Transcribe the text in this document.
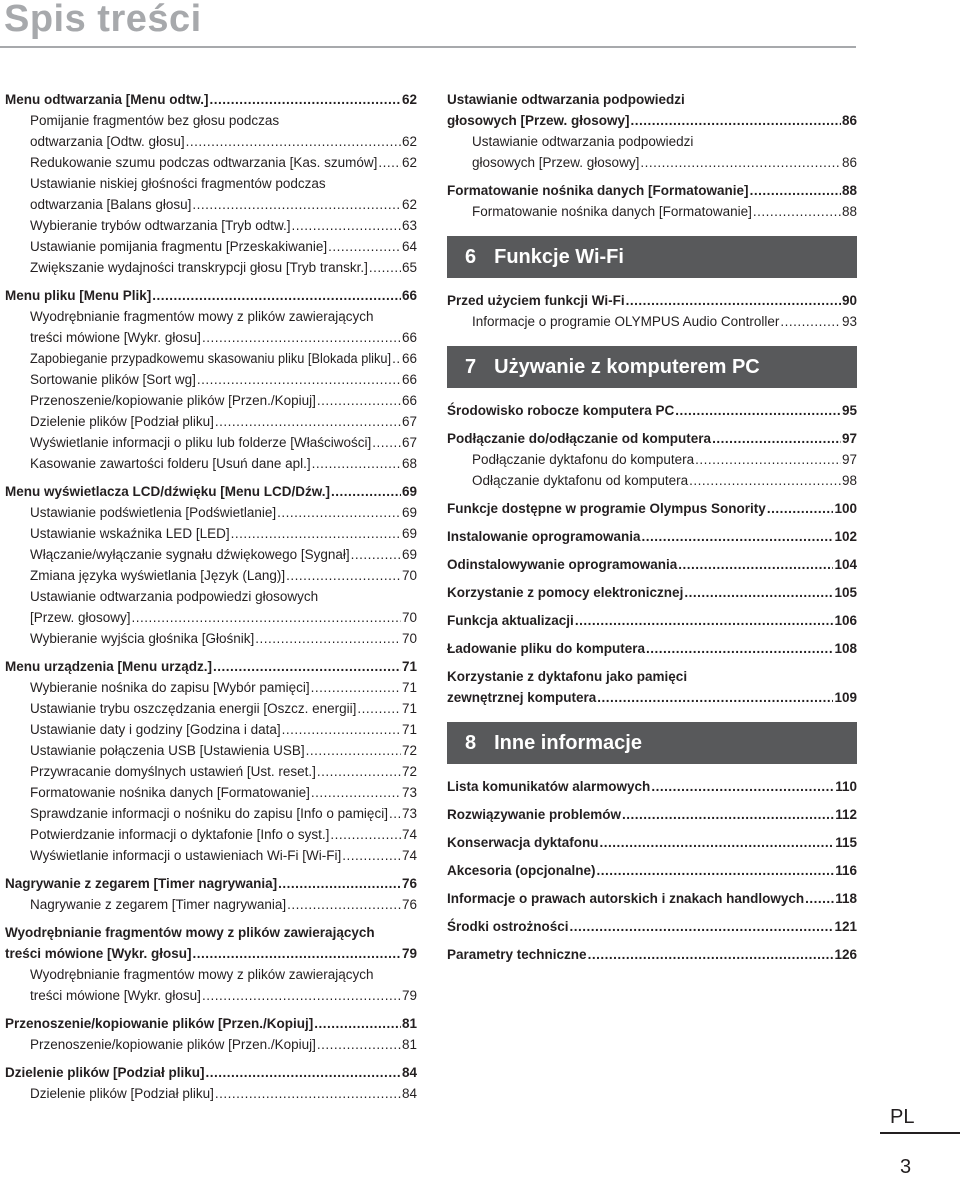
Spis treści
Menu odtwarzania [Menu odtw.] .....	62
Pomijanie fragmentów bez głosu podczas
odtwarzania [Odtw. głosu] .....	62
Redukowanie szumu podczas odtwarzania [Kas. szumów] ..... 62
Ustawianie niskiej głośności fragmentów podczas
odtwarzania [Balans głosu] .....	62
Wybieranie trybów odtwarzania [Tryb odtw.] .....	63
Ustawianie pomijania fragmentu [Przeskakiwanie] .....	64
Zwiększanie wydajności transkrypcji głosu [Tryb transkr.] .....	65
Menu pliku [Menu Plik] .....	66
Wyodrębnianie fragmentów mowy z plików zawierających
treści mówione [Wykr. głosu] .....	66
Zapobieganie przypadkowemu skasowaniu pliku [Blokada pliku] ..... 66
Sortowanie plików [Sort wg] .....	66
Przenoszenie/kopiowanie plików [Przen./Kopiuj] .....	66
Dzielenie plików [Podział pliku] .....	67
Wyświetlanie informacji o pliku lub folderze [Właściwości] ..... 67
Kasowanie zawartości folderu [Usuń dane apl.] .....	68
Menu wyświetlacza LCD/dźwięku [Menu LCD/Dźw.] .....	69
Ustawianie podświetlenia [Podświetlanie] .....	69
Ustawianie wskaźnika LED [LED] .....	69
Włączanie/wyłączanie sygnału dźwiękowego [Sygnał] .....	69
Zmiana języka wyświetlania [Język (Lang)] .....	70
Ustawianie odtwarzania podpowiedzi głosowych
[Przew. głosowy] .....	70
Wybieranie wyjścia głośnika [Głośnik] .....	70
Menu urządzenia [Menu urządz.] .....	71
Wybieranie nośnika do zapisu [Wybór pamięci] .....	71
Ustawianie trybu oszczędzania energii [Oszcz. energii] .....	71
Ustawianie daty i godziny [Godzina i data] .....	71
Ustawianie połączenia USB [Ustawienia USB] .....	72
Przywracanie domyślnych ustawień [Ust. reset.] .....	72
Formatowanie nośnika danych [Formatowanie] .....	73
Sprawdzanie informacji o nośniku do zapisu [Info o pamięci] ..... 73
Potwierdzanie informacji o dyktafonie [Info o syst.] .....	74
Wyświetlanie informacji o ustawieniach Wi-Fi [Wi-Fi] .....	74
Nagrywanie z zegarem [Timer nagrywania] .....	76
Nagrywanie z zegarem [Timer nagrywania] .....	76
Wyodrębnianie fragmentów mowy z plików zawierających
treści mówione [Wykr. głosu] .....	79
Wyodrębnianie fragmentów mowy z plików zawierających
treści mówione [Wykr. głosu] .....	79
Przenoszenie/kopiowanie plików [Przen./Kopiuj] .....	81
Przenoszenie/kopiowanie plików [Przen./Kopiuj] .....	81
Dzielenie plików [Podział pliku] .....	84
Dzielenie plików [Podział pliku] .....	84
Ustawianie odtwarzania podpowiedzi
głosowych [Przew. głosowy] .....	86
Ustawianie odtwarzania podpowiedzi
głosowych [Przew. głosowy] .....	86
Formatowanie nośnika danych [Formatowanie] .....	88
Formatowanie nośnika danych [Formatowanie] .....	88
6 Funkcje Wi-Fi
Przed użyciem funkcji Wi-Fi .....	90
Informacje o programie OLYMPUS Audio Controller .....	93
7 Używanie z komputerem PC
Środowisko robocze komputera PC .....	95
Podłączanie do/odłączanie od komputera .....	97
Podłączanie dyktafonu do komputera .....	97
Odłączanie dyktafonu od komputera .....	98
Funkcje dostępne w programie Olympus Sonority .....	100
Instalowanie oprogramowania .....	102
Odinstalowywanie oprogramowania .....	104
Korzystanie z pomocy elektronicznej .....	105
Funkcja aktualizacji .....	106
Ładowanie pliku do komputera .....	108
Korzystanie z dyktafonu jako pamięci
zewnętrznej komputera .....	109
8 Inne informacje
Lista komunikatów alarmowych .....	110
Rozwiązywanie problemów .....	112
Konserwacja dyktafonu .....	115
Akcesoria (opcjonalne) .....	116
Informacje o prawach autorskich i znakach handlowych ..... 118
Środki ostrożności .....	121
Parametry techniczne .....	126
PL
3
